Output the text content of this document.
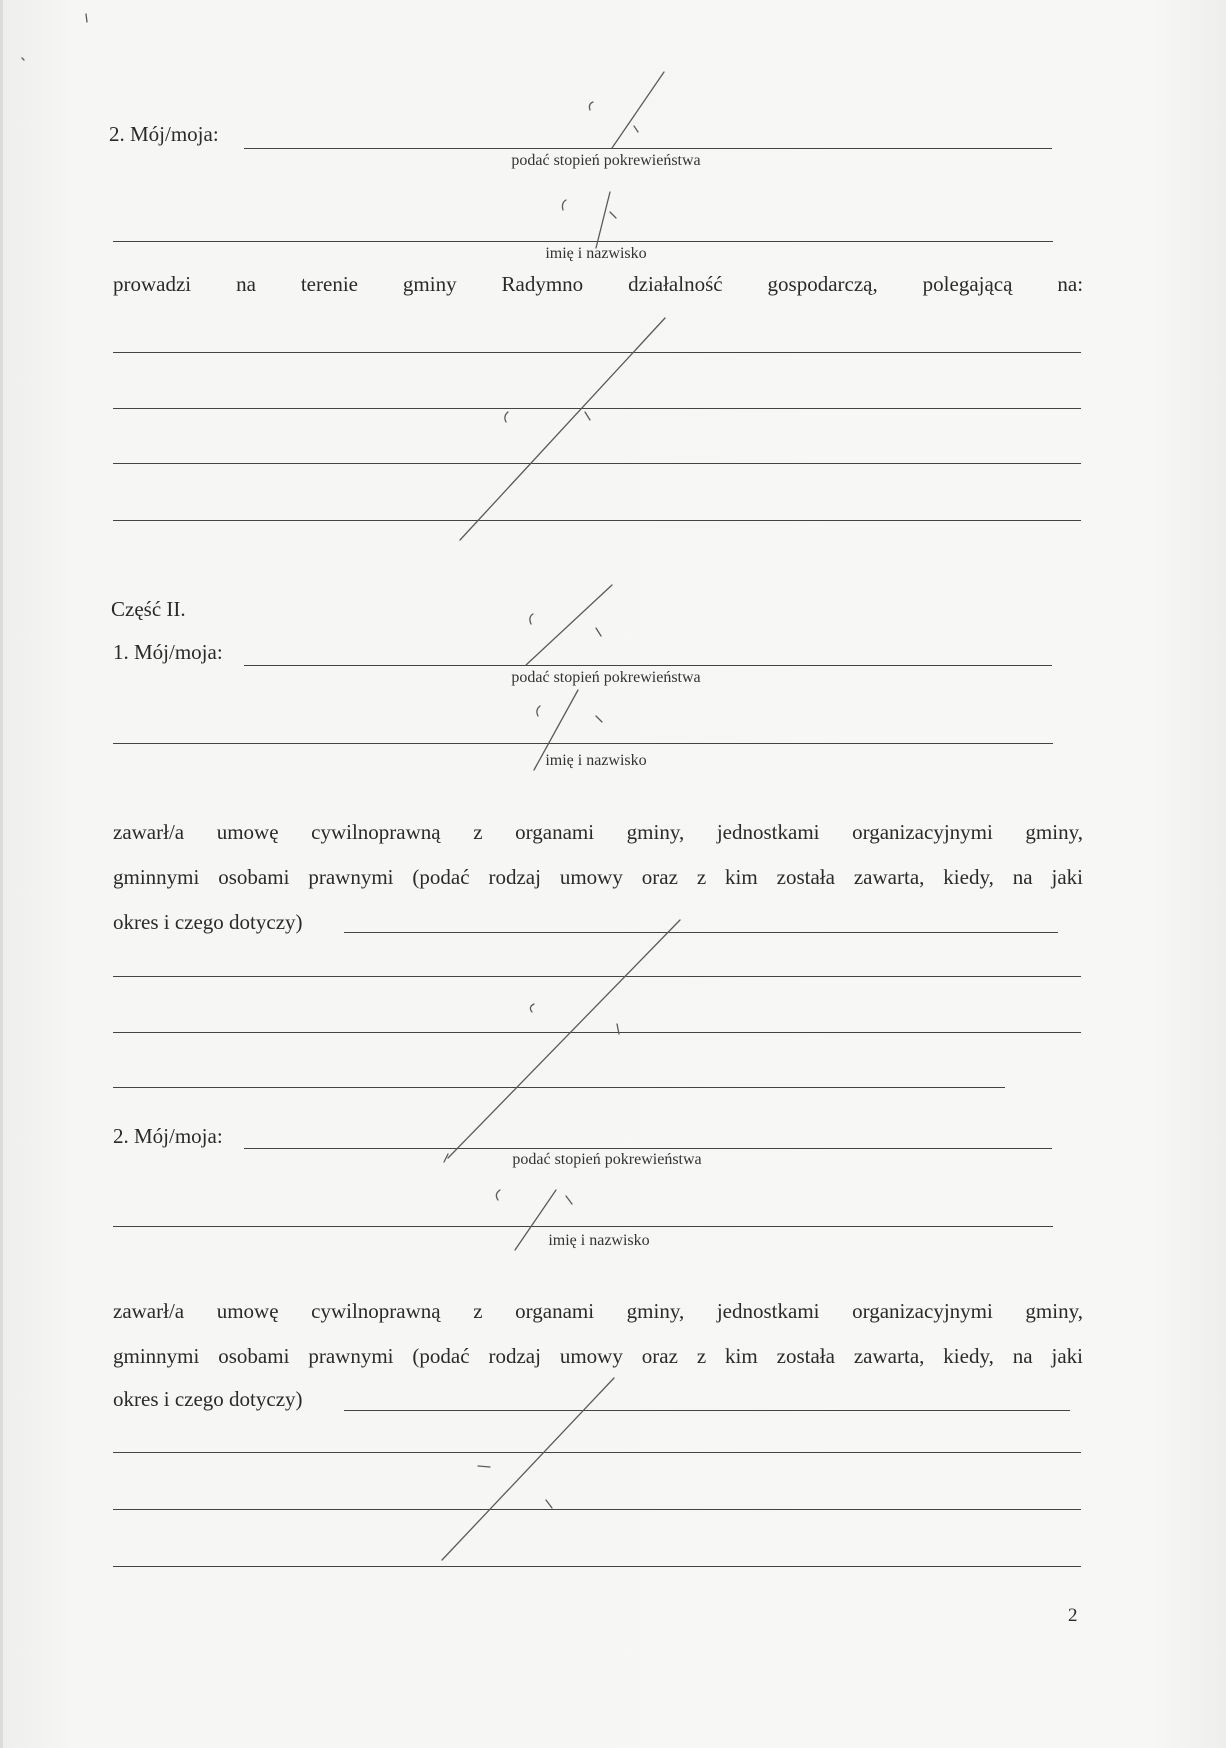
2. Mój/moja:
podać stopień pokrewieństwa
imię i nazwisko
prowadzi na terenie gminy Radymno działalność gospodarczą, polegającą na:
Część II.
1. Mój/moja:
podać stopień pokrewieństwa
imię i nazwisko
zawarł/a umowę cywilnoprawną z organami gminy, jednostkami organizacyjnymi gminy,
gminnymi osobami prawnymi (podać rodzaj umowy oraz z kim została zawarta, kiedy, na jaki
okres i czego dotyczy)
2. Mój/moja:
podać stopień pokrewieństwa
imię i nazwisko
zawarł/a umowę cywilnoprawną z organami gminy, jednostkami organizacyjnymi gminy,
gminnymi osobami prawnymi (podać rodzaj umowy oraz z kim została zawarta, kiedy, na jaki
okres i czego dotyczy)
2
